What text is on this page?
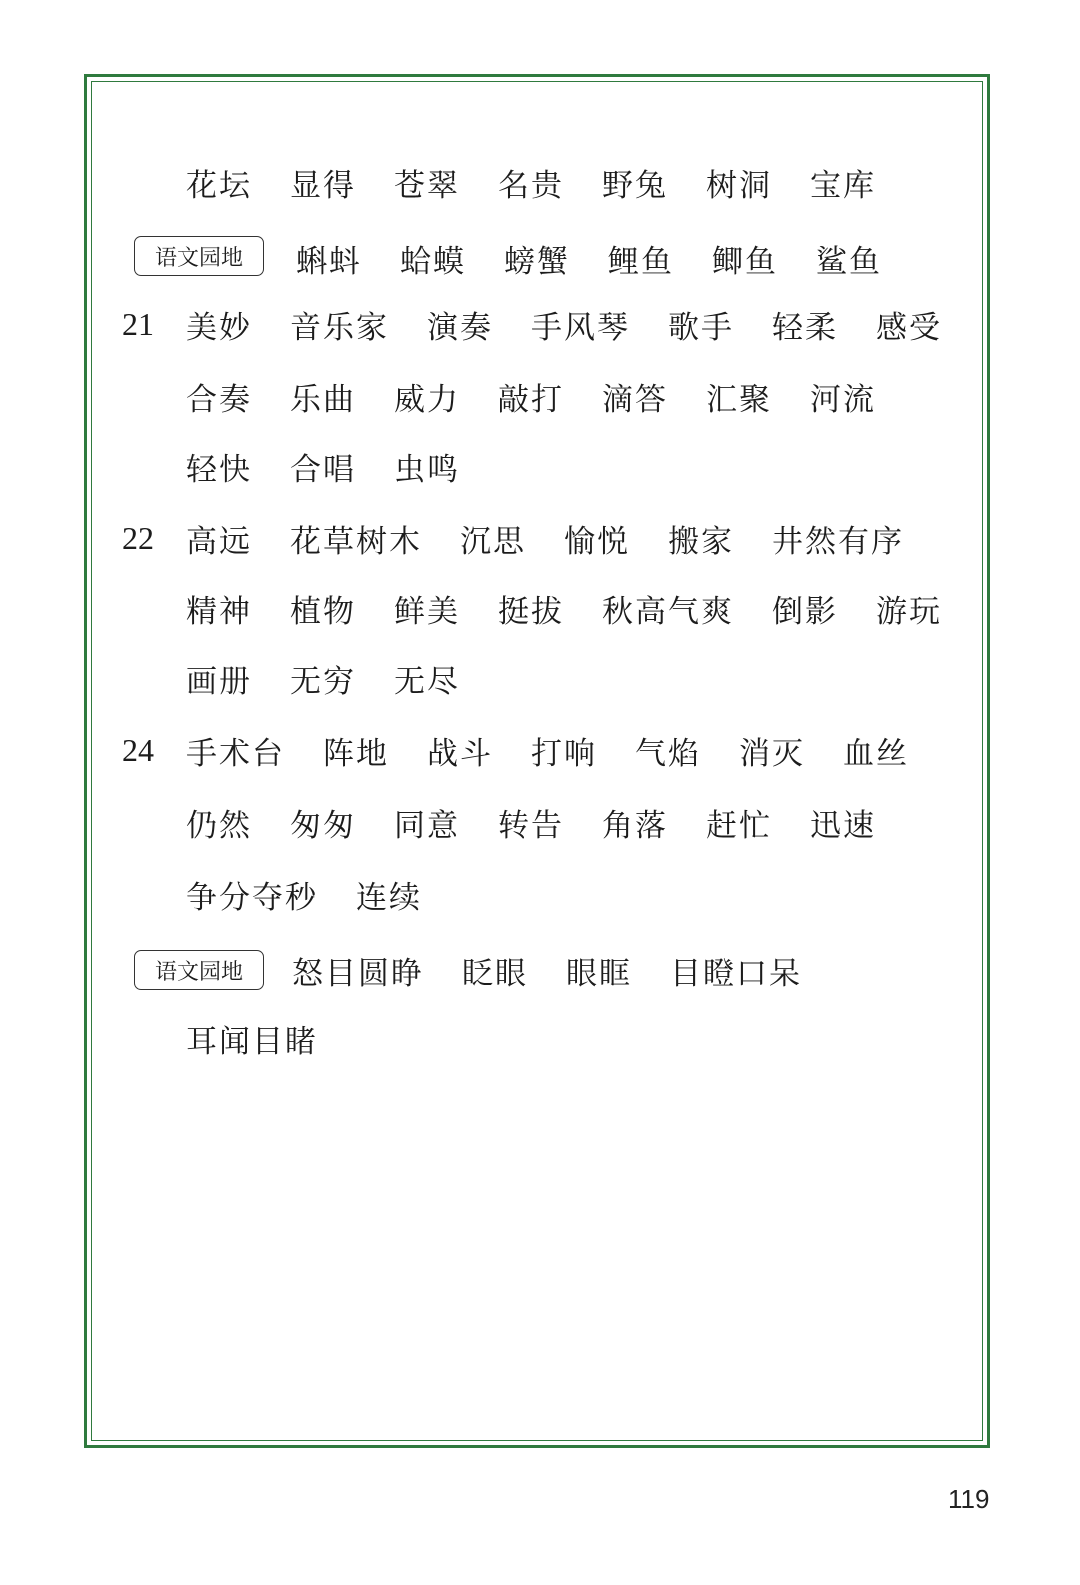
花坛 显得 苍翠 名贵 野兔 树洞 宝库
语文园地	蝌蚪 蛤蟆 螃蟹 鲤鱼 鲫鱼 鲨鱼
21 美妙 音乐家 演奏 手风琴 歌手 轻柔 感受
合奏 乐曲 威力 敲打 滴答 汇聚 河流
轻快 合唱 虫鸣
22 高远 花草树木 沉思 愉悦 搬家 井然有序
精神 植物 鲜美 挺拔 秋高气爽 倒影 游玩
画册 无穷 无尽
24 手术台 阵地 战斗 打响 气焰 消灭 血丝
仍然 匆匆 同意 转告 角落 赶忙 迅速
争分夺秒 连续
语文园地	怒目圆睁 眨眼 眼眶 目瞪口呆
耳闻目睹
119
